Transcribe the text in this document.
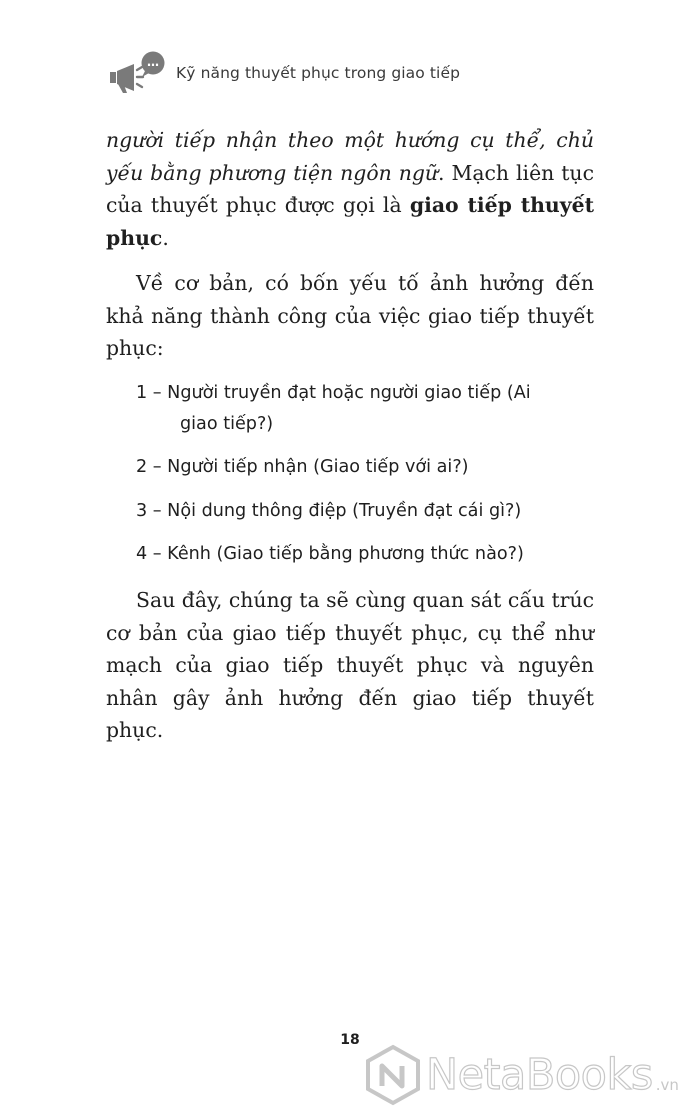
…
Kỹ năng thuyết phục trong giao tiếp

người tiếp nhận theo một hướng cụ thể, chủ yếu bằng phương tiện ngôn ngữ. Mạch liên tục của thuyết phục được gọi là giao tiếp thuyết phục.

Về cơ bản, có bốn yếu tố ảnh hưởng đến khả năng thành công của việc giao tiếp thuyết phục:

1 – Người truyền đạt hoặc người giao tiếp (Ai
giao tiếp?)
2 – Người tiếp nhận (Giao tiếp với ai?)
3 – Nội dung thông điệp (Truyền đạt cái gì?)
4 – Kênh (Giao tiếp bằng phương thức nào?)

Sau đây, chúng ta sẽ cùng quan sát cấu trúc cơ bản của giao tiếp thuyết phục, cụ thể như mạch của giao tiếp thuyết phục và nguyên nhân gây ảnh hưởng đến giao tiếp thuyết phục.

18
NetaBooks .vn
